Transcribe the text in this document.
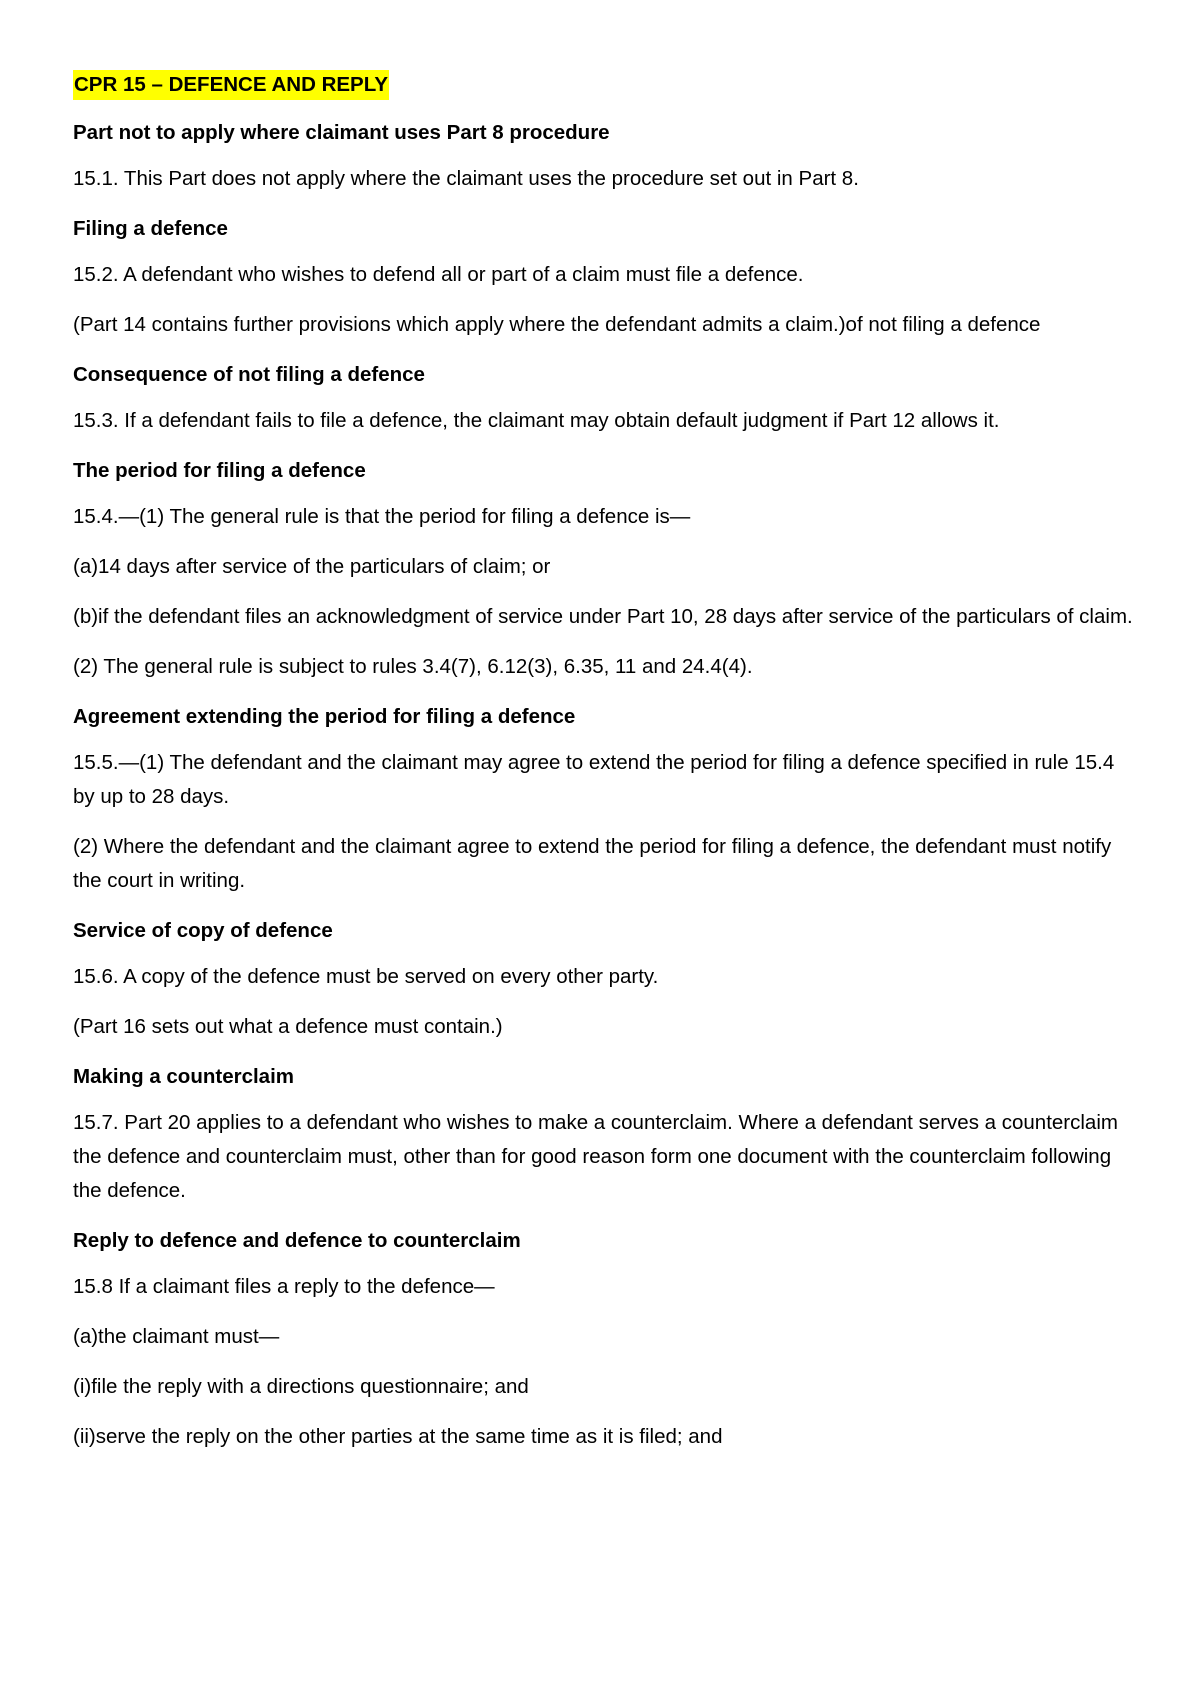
CPR 15 – DEFENCE AND REPLY
Part not to apply where claimant uses Part 8 procedure

15.1. This Part does not apply where the claimant uses the procedure set out in Part 8.

Filing a defence

15.2. A defendant who wishes to defend all or part of a claim must file a defence.

(Part 14 contains further provisions which apply where the defendant admits a claim.)of not filing a defence

Consequence of not filing a defence

15.3. If a defendant fails to file a defence, the claimant may obtain default judgment if Part 12 allows it.

The period for filing a defence

15.4.—(1) The general rule is that the period for filing a defence is—

(a)14 days after service of the particulars of claim; or

(b)if the defendant files an acknowledgment of service under Part 10, 28 days after service of the particulars of claim.

(2) The general rule is subject to rules 3.4(7), 6.12(3), 6.35, 11 and 24.4(4).

Agreement extending the period for filing a defence

15.5.—(1) The defendant and the claimant may agree to extend the period for filing a defence specified in rule 15.4 by up to 28 days.

(2) Where the defendant and the claimant agree to extend the period for filing a defence, the defendant must notify the court in writing.

Service of copy of defence

15.6. A copy of the defence must be served on every other party.

(Part 16 sets out what a defence must contain.)

Making a counterclaim

15.7. Part 20 applies to a defendant who wishes to make a counterclaim. Where a defendant serves a counterclaim the defence and counterclaim must, other than for good reason form one document with the counterclaim following the defence.

Reply to defence and defence to counterclaim

15.8 If a claimant files a reply to the defence—

(a)the claimant must—

(i)file the reply with a directions questionnaire; and

(ii)serve the reply on the other parties at the same time as it is filed; and
